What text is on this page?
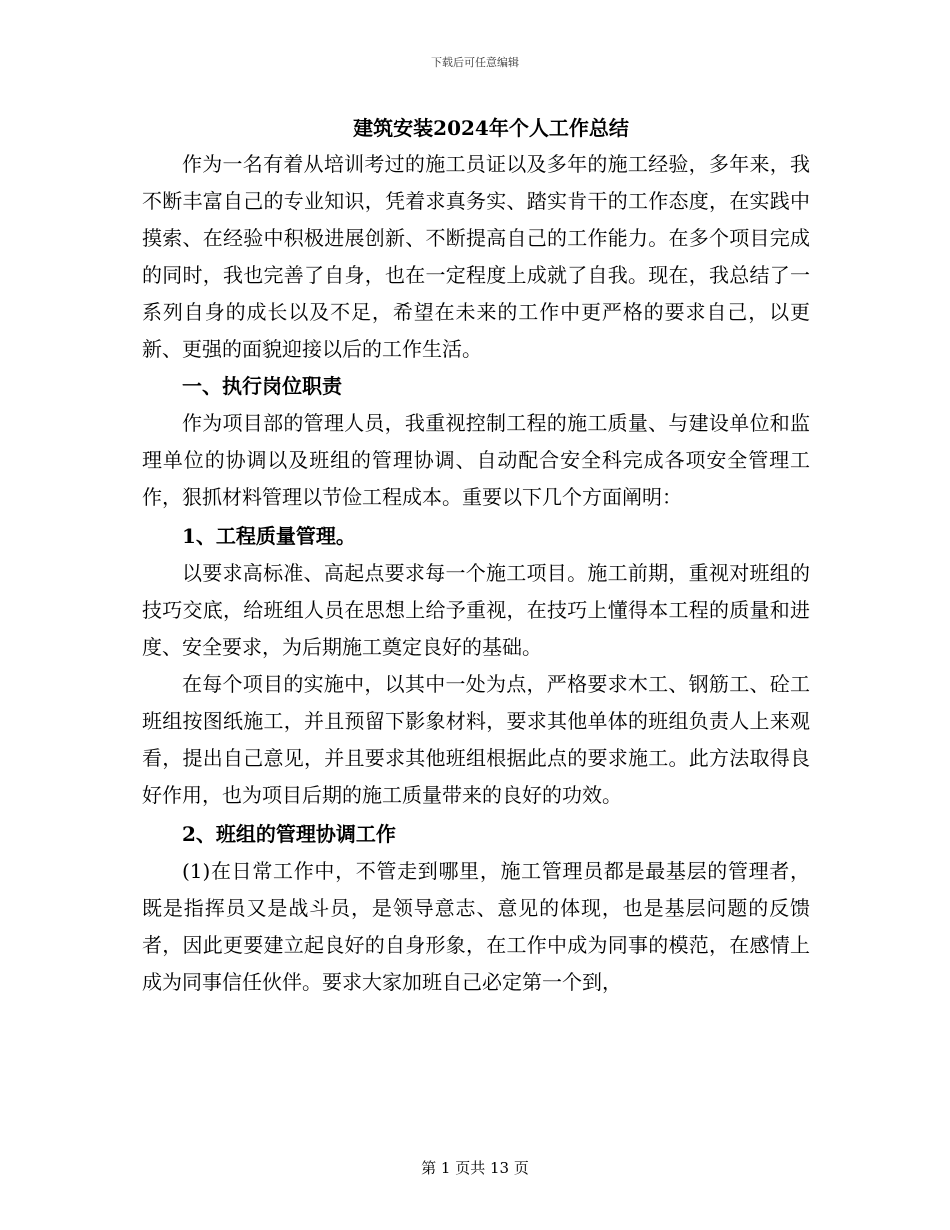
下载后可任意编辑

建筑安装2024年个人工作总结

作为一名有着从培训考过的施工员证以及多年的施工经验，多年来，我不断丰富自己的专业知识，凭着求真务实、踏实肯干的工作态度，在实践中摸索、在经验中积极进展创新、不断提高自己的工作能力。在多个项目完成的同时，我也完善了自身，也在一定程度上成就了自我。现在，我总结了一系列自身的成长以及不足，希望在未来的工作中更严格的要求自己，以更新、更强的面貌迎接以后的工作生活。

一、执行岗位职责

作为项目部的管理人员，我重视控制工程的施工质量、与建设单位和监理单位的协调以及班组的管理协调、自动配合安全科完成各项安全管理工作，狠抓材料管理以节俭工程成本。重要以下几个方面阐明：

1、工程质量管理。

以要求高标准、高起点要求每一个施工项目。施工前期，重视对班组的技巧交底，给班组人员在思想上给予重视，在技巧上懂得本工程的质量和进度、安全要求，为后期施工奠定良好的基础。

在每个项目的实施中，以其中一处为点，严格要求木工、钢筋工、砼工班组按图纸施工，并且预留下影象材料，要求其他单体的班组负责人上来观看，提出自己意见，并且要求其他班组根据此点的要求施工。此方法取得良好作用，也为项目后期的施工质量带来的良好的功效。

2、班组的管理协调工作

(1)在日常工作中，不管走到哪里，施工管理员都是最基层的管理者，既是指挥员又是战斗员，是领导意志、意见的体现，也是基层问题的反馈者，因此更要建立起良好的自身形象，在工作中成为同事的模范，在感情上成为同事信任伙伴。要求大家加班自己必定第一个到，

第 1 页共 13 页
